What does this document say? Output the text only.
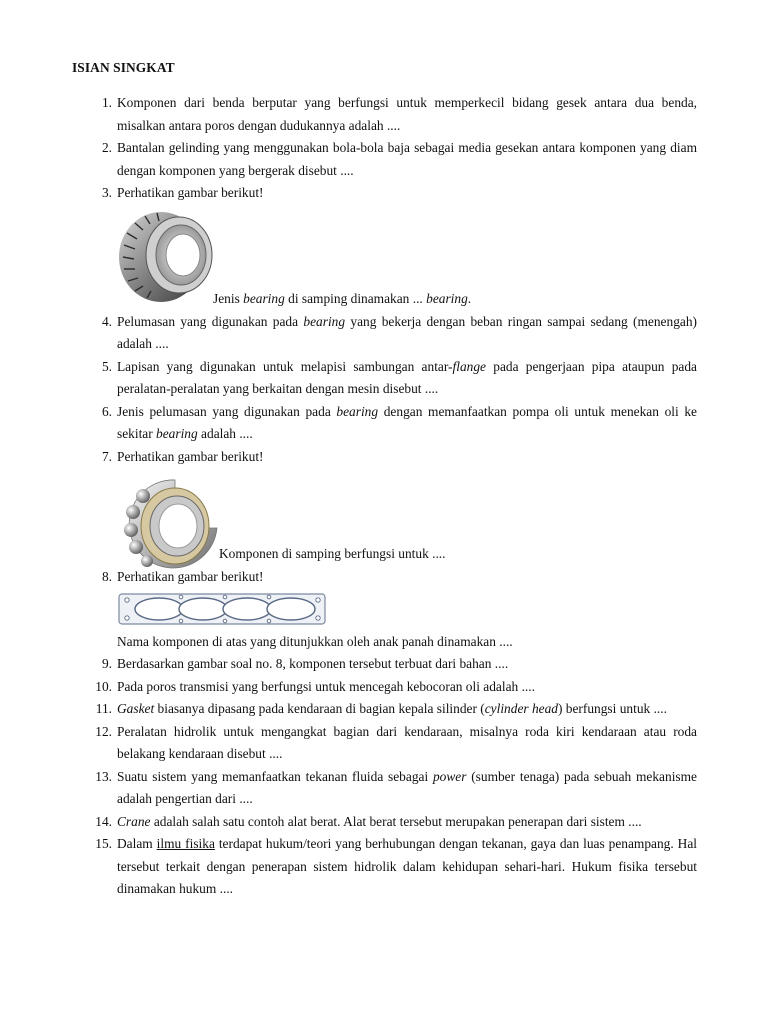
ISIAN SINGKAT
1. Komponen dari benda berputar yang berfungsi untuk memperkecil bidang gesek antara dua benda, misalkan antara poros dengan dudukannya adalah ....
2. Bantalan gelinding yang menggunakan bola-bola baja sebagai media gesekan antara komponen yang diam dengan komponen yang bergerak disebut ....
3. Perhatikan gambar berikut!
Jenis bearing di samping dinamakan ... bearing.
4. Pelumasan yang digunakan pada bearing yang bekerja dengan beban ringan sampai sedang (menengah) adalah ....
5. Lapisan yang digunakan untuk melapisi sambungan antar-flange pada pengerjaan pipa ataupun pada peralatan-peralatan yang berkaitan dengan mesin disebut ....
6. Jenis pelumasan yang digunakan pada bearing dengan memanfaatkan pompa oli untuk menekan oli ke sekitar bearing adalah ....
7. Perhatikan gambar berikut!
Komponen di samping berfungsi untuk ....
8. Perhatikan gambar berikut!
Nama komponen di atas yang ditunjukkan oleh anak panah dinamakan ....
9. Berdasarkan gambar soal no. 8, komponen tersebut terbuat dari bahan ....
10. Pada poros transmisi yang berfungsi untuk mencegah kebocoran oli adalah ....
11. Gasket biasanya dipasang pada kendaraan di bagian kepala silinder (cylinder head) berfungsi untuk ....
12. Peralatan hidrolik untuk mengangkat bagian dari kendaraan, misalnya roda kiri kendaraan atau roda belakang kendaraan disebut ....
13. Suatu sistem yang memanfaatkan tekanan fluida sebagai power (sumber tenaga) pada sebuah mekanisme adalah pengertian dari ....
14. Crane adalah salah satu contoh alat berat. Alat berat tersebut merupakan penerapan dari sistem ....
15. Dalam ilmu fisika terdapat hukum/teori yang berhubungan dengan tekanan, gaya dan luas penampang. Hal tersebut terkait dengan penerapan sistem hidrolik dalam kehidupan sehari-hari. Hukum fisika tersebut dinamakan hukum ....
